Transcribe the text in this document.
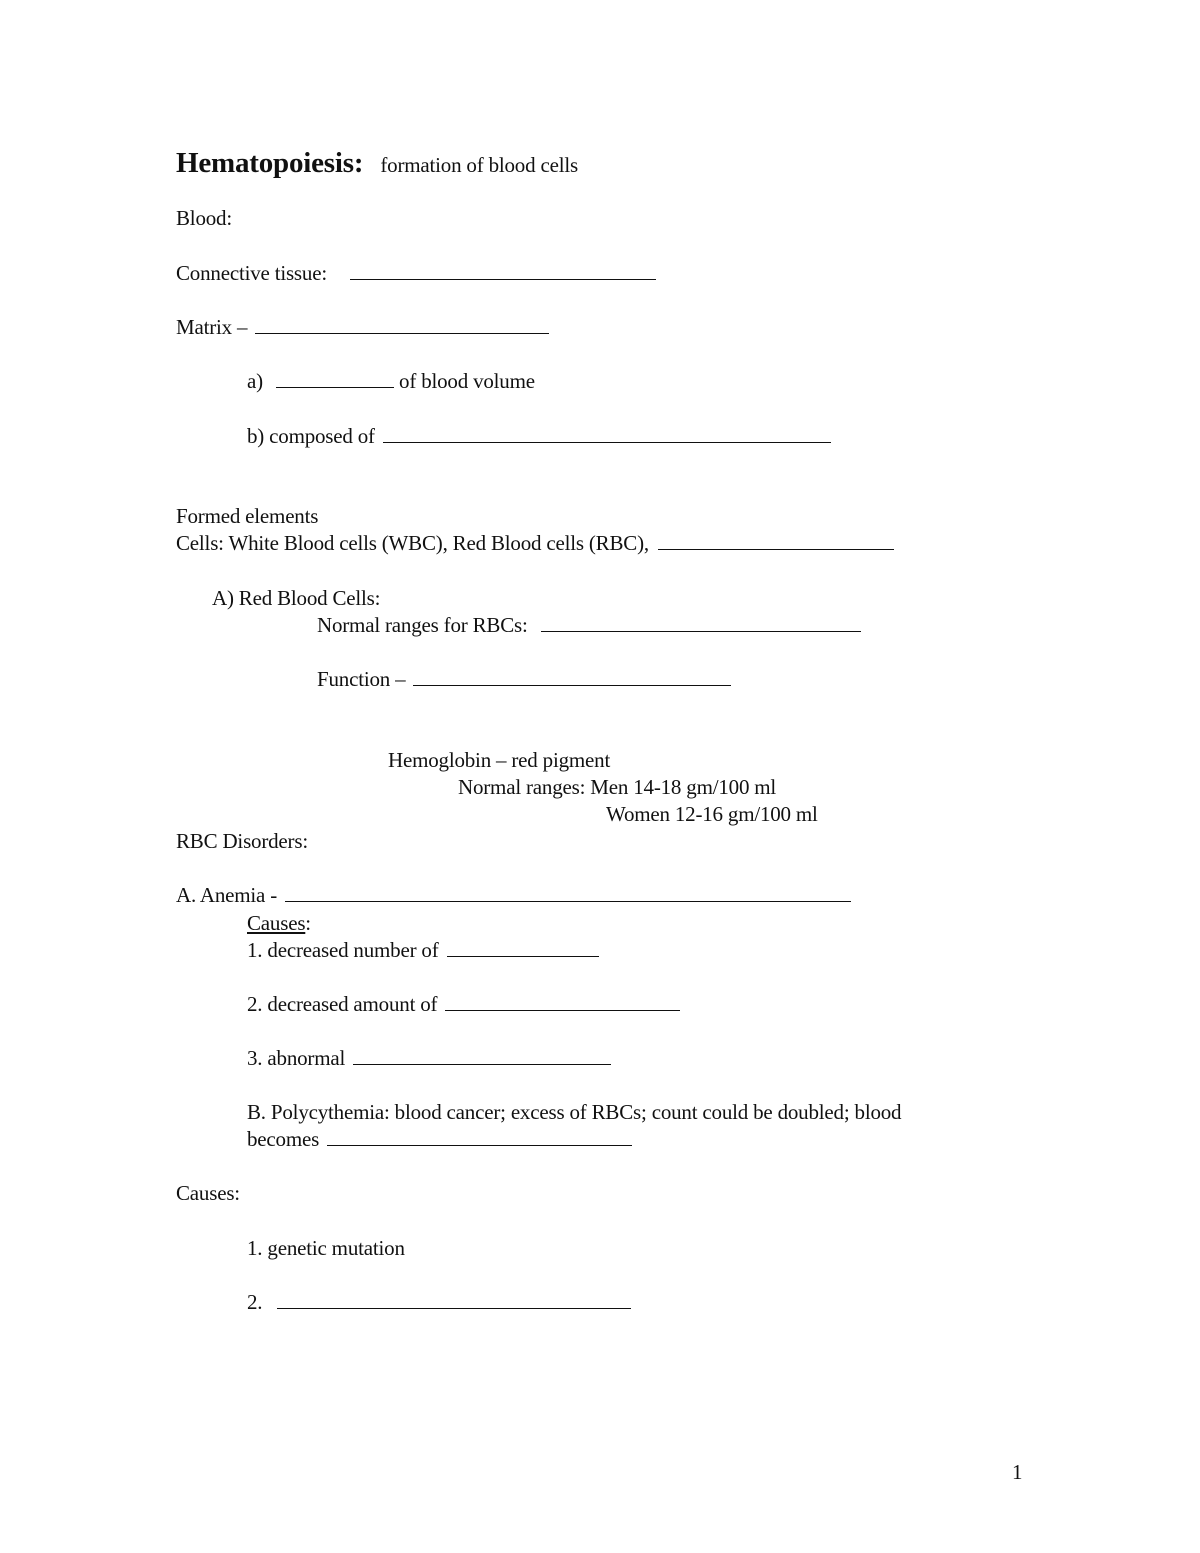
Hematopoiesis: formation of blood cells
Blood:
Connective tissue:
Matrix –
a)	of blood volume
b) composed of
Formed elements
Cells: White Blood cells (WBC), Red Blood cells (RBC),
A) Red Blood Cells:
Normal ranges for RBCs:
Function –
Hemoglobin – red pigment
Normal ranges: Men 14-18 gm/100 ml
Women 12-16 gm/100 ml
RBC Disorders:
A. Anemia -
Causes:
1. decreased number of
2. decreased amount of
3. abnormal
B. Polycythemia: blood cancer; excess of RBCs; count could be doubled; blood
becomes
Causes:
1. genetic mutation
2.
1
